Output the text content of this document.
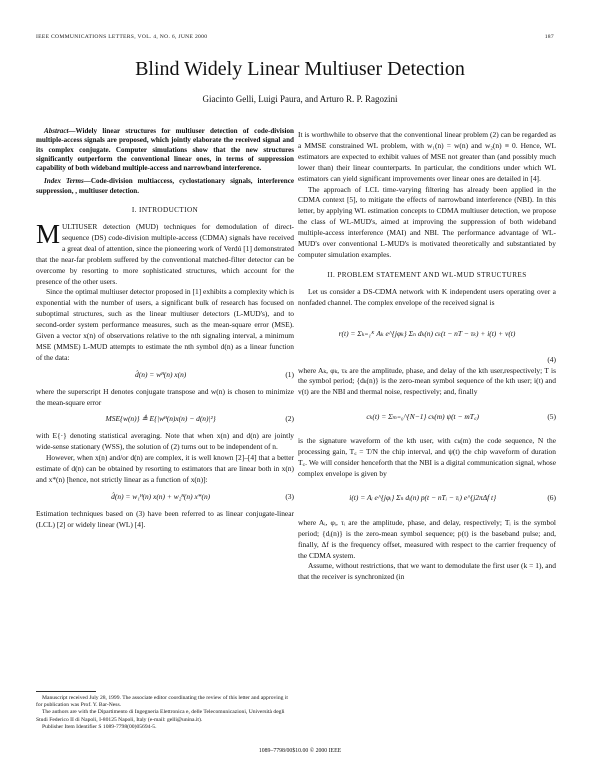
IEEE COMMUNICATIONS LETTERS, VOL. 4, NO. 6, JUNE 2000	187
Blind Widely Linear Multiuser Detection
Giacinto Gelli, Luigi Paura, and Arturo R. P. Ragozini

Abstract—Widely linear structures for multiuser detection of code-division multiple-access signals are proposed, which jointly elaborate the received signal and its complex conjugate. Computer simulations show that the new structures significantly outperform the conventional linear ones, in terms of suppression capability of both wideband multiple-access and narrowband interference.

Index Terms—Code-division multiaccess, cyclostationary signals, interference suppression, , multiuser detection.

I. INTRODUCTION

MULTIUSER detection (MUD) techniques for demodulation of direct-sequence (DS) code-division multiple-access (CDMA) signals have received a great deal of attention, since the pioneering work of Verdú [1] demonstrated that the near-far problem suffered by the conventional matched-filter detector can be overcome by resorting to more sophisticated structures, which account for the presence of the other users.

Since the optimal multiuser detector proposed in [1] exhibits a complexity which is exponential with the number of users, a significant bulk of research has focused on suboptimal structures, such as the linear multiuser detectors (L-MUD's), and to second-order system performance measures, such as the mean-square error (MSE). Given a vector x(n) of observations relative to the nth signaling interval, a minimum MSE (MMSE) L-MUD attempts to estimate the nth symbol d(n) as a linear function of the data:

d̂(n) = wᴴ(n) x(n)	(1)

where the superscript H denotes conjugate transpose and w(n) is chosen to minimize the mean-square error

MSE{w(n)} ≜ E{|wᴴ(n)x(n) − d(n)|²}	(2)

with E{·} denoting statistical averaging. Note that when x(n) and d(n) are jointly wide-sense stationary (WSS), the solution of (2) turns out to be independent of n.

However, when x(n) and/or d(n) are complex, it is well known [2]–[4] that a better estimate of d(n) can be obtained by resorting to estimators that are linear both in x(n) and x*(n) [hence, not strictly linear as a function of x(n)]:

d̂(n) = w₁ᴴ(n) x(n) + w₂ᴴ(n) x*(n)	(3)

Estimation techniques based on (3) have been referred to as linear conjugate-linear (LCL) [2] or widely linear (WL) [4].

Manuscript received July 28, 1999. The associate editor coordinating the review of this letter and approving it for publication was Prof. Y. Bar-Ness.

The authors are with the Dipartimento di Ingegneria Elettronica e, delle Telecomunicazioni, Università degli Studi Federico II di Napoli, I-80125 Napoli, Italy (e-mail: gelli@unina.it).

Publisher Item Identifier S 1089-7798(00)05694-5.

It is worthwhile to observe that the conventional linear problem (2) can be regarded as a MMSE constrained WL problem, with w₁(n) = w(n) and w₂(n) ≡ 0. Hence, WL estimators are expected to exhibit values of MSE not greater than (and possibly much lower than) their linear counterparts. In particular, the conditions under which WL estimators can yield significant improvements over linear ones are detailed in [4].

The approach of LCL time-varying filtering has already been applied in the CDMA context [5], to mitigate the effects of narrowband interference (NBI). In this letter, by applying WL estimation concepts to CDMA multiuser detection, we propose the class of WL-MUD's, aimed at improving the suppression of both wideband multiple-access interference (MAI) and NBI. The performance advantage of WL-MUD's over conventional L-MUD's is motivated theoretically and substantiated by computer simulation examples.

II. PROBLEM STATEMENT AND WL-MUD STRUCTURES

Let us consider a DS-CDMA network with K independent users operating over a nonfaded channel. The complex envelope of the received signal is

r(t) = Σₖ₌₁ᴷ Aₖ e^{jφₖ} Σₙ dₖ(n) cₖ(t − nT − τₖ) + i(t) + v(t)
(4)

where Aₖ, φₖ, τₖ are the amplitude, phase, and delay of the kth user,respectively; T is the symbol period; {dₖ(n)} is the zero-mean symbol sequence of the kth user; i(t) and v(t) are the NBI and thermal noise, respectively; and, finally

cₖ(t) = Σₘ₌₀^{N−1} cₖ(m) ψ(t − mT꜀)	(5)

is the signature waveform of the kth user, with cₖ(m) the code sequence, N the processing gain, T꜀ = T/N the chip interval, and ψ(t) the chip waveform of duration T꜀. We will consider henceforth that the NBI is a digital communication signal, whose complex envelope is given by

i(t) = Aᵢ e^{jφᵢ} Σₙ dᵢ(n) p(t − nTᵢ − τᵢ) e^{j2πΔf t}	(6)

where Aᵢ, φᵢ, τᵢ are the amplitude, phase, and delay, respectively; Tᵢ is the symbol period; {dᵢ(n)} is the zero-mean symbol sequence; p(t) is the baseband pulse; and, finally, Δf is the frequency offset, measured with respect to the carrier frequency of the CDMA system.

Assume, without restrictions, that we want to demodulate the first user (k = 1), and that the receiver is synchronized (in

1089–7798/00$10.00 © 2000 IEEE
